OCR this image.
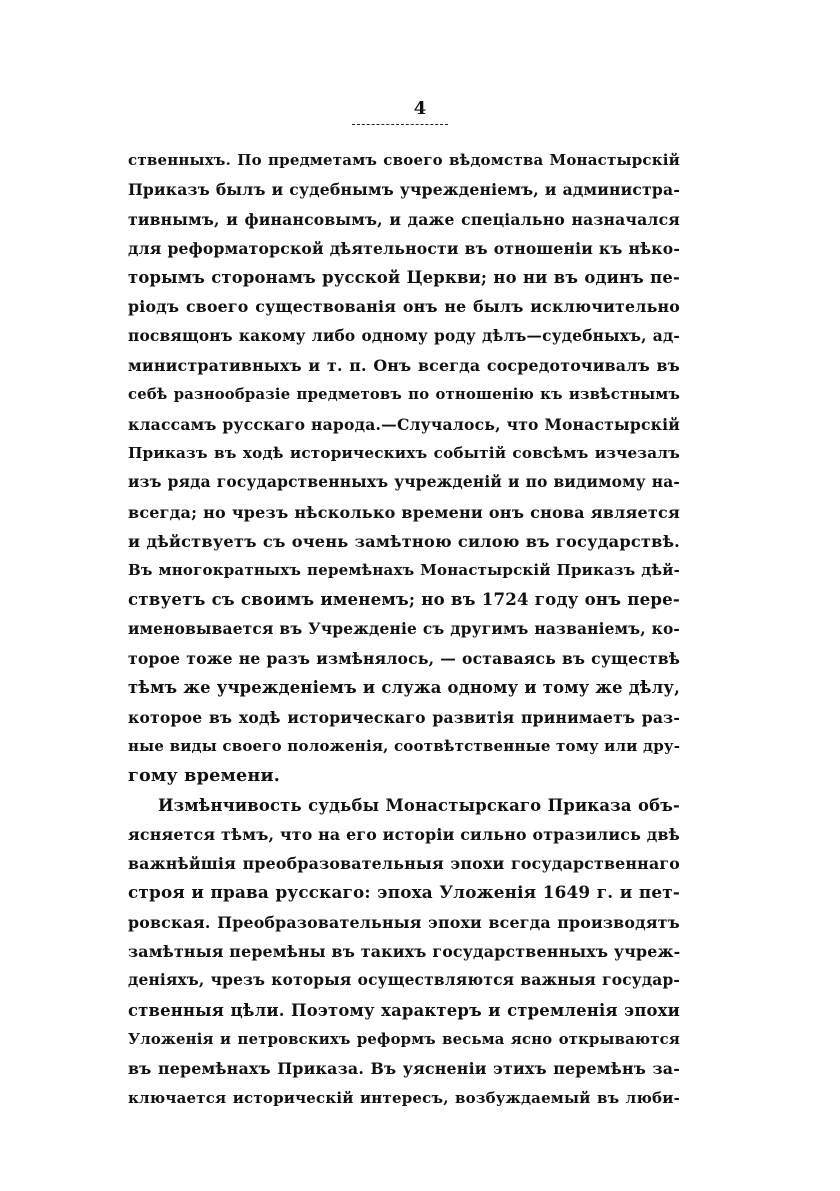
4
ственныхъ. По предметамъ своего вѣдомства Монастырскій
Приказъ былъ и судебнымъ учрежденіемъ, и администра-
тивнымъ, и финансовымъ, и даже спеціально назначался
для реформаторской дѣятельности въ отношеніи къ нѣко-
торымъ сторонамъ русской Церкви; но ни въ одинъ пе-
ріодъ своего существованія онъ не былъ исключительно
посвящонъ какому либо одному роду дѣлъ—судебныхъ, ад-
министративныхъ и т. п. Онъ всегда сосредоточивалъ въ
себѣ разнообразіе предметовъ по отношенію къ извѣстнымъ
классамъ русскаго народа.—Случалось, что Монастырскій
Приказъ въ ходѣ историческихъ событій совсѣмъ изчезалъ
изъ ряда государственныхъ учрежденій и по видимому на-
всегда; но чрезъ нѣсколько времени онъ снова является
и дѣйствуетъ съ очень замѣтною силою въ государствѣ.
Въ многократныхъ перемѣнахъ Монастырскій Приказъ дѣй-
ствуетъ съ своимъ именемъ; но въ 1724 году онъ пере-
именовывается въ Учрежденіе съ другимъ названіемъ, ко-
торое тоже не разъ измѣнялось, — оставаясь въ существѣ
тѣмъ же учрежденіемъ и служа одному и тому же дѣлу,
которое въ ходѣ историческаго развитія принимаетъ раз-
ные виды своего положенія, соотвѣтственные тому или дру-
гому времени.
Измѣнчивость судьбы Монастырскаго Приказа объ-
ясняется тѣмъ, что на его исторіи сильно отразились двѣ
важнѣйшія преобразовательныя эпохи государственнаго
строя и права русскаго: эпоха Уложенія 1649 г. и пет-
ровская. Преобразовательныя эпохи всегда производятъ
замѣтныя перемѣны въ такихъ государственныхъ учреж-
деніяхъ, чрезъ которыя осуществляются важныя государ-
ственныя цѣли. Поэтому характеръ и стремленія эпохи
Уложенія и петровскихъ реформъ весьма ясно открываются
въ перемѣнахъ Приказа. Въ уясненіи этихъ перемѣнъ за-
ключается историческій интересъ, возбуждаемый въ люби-
